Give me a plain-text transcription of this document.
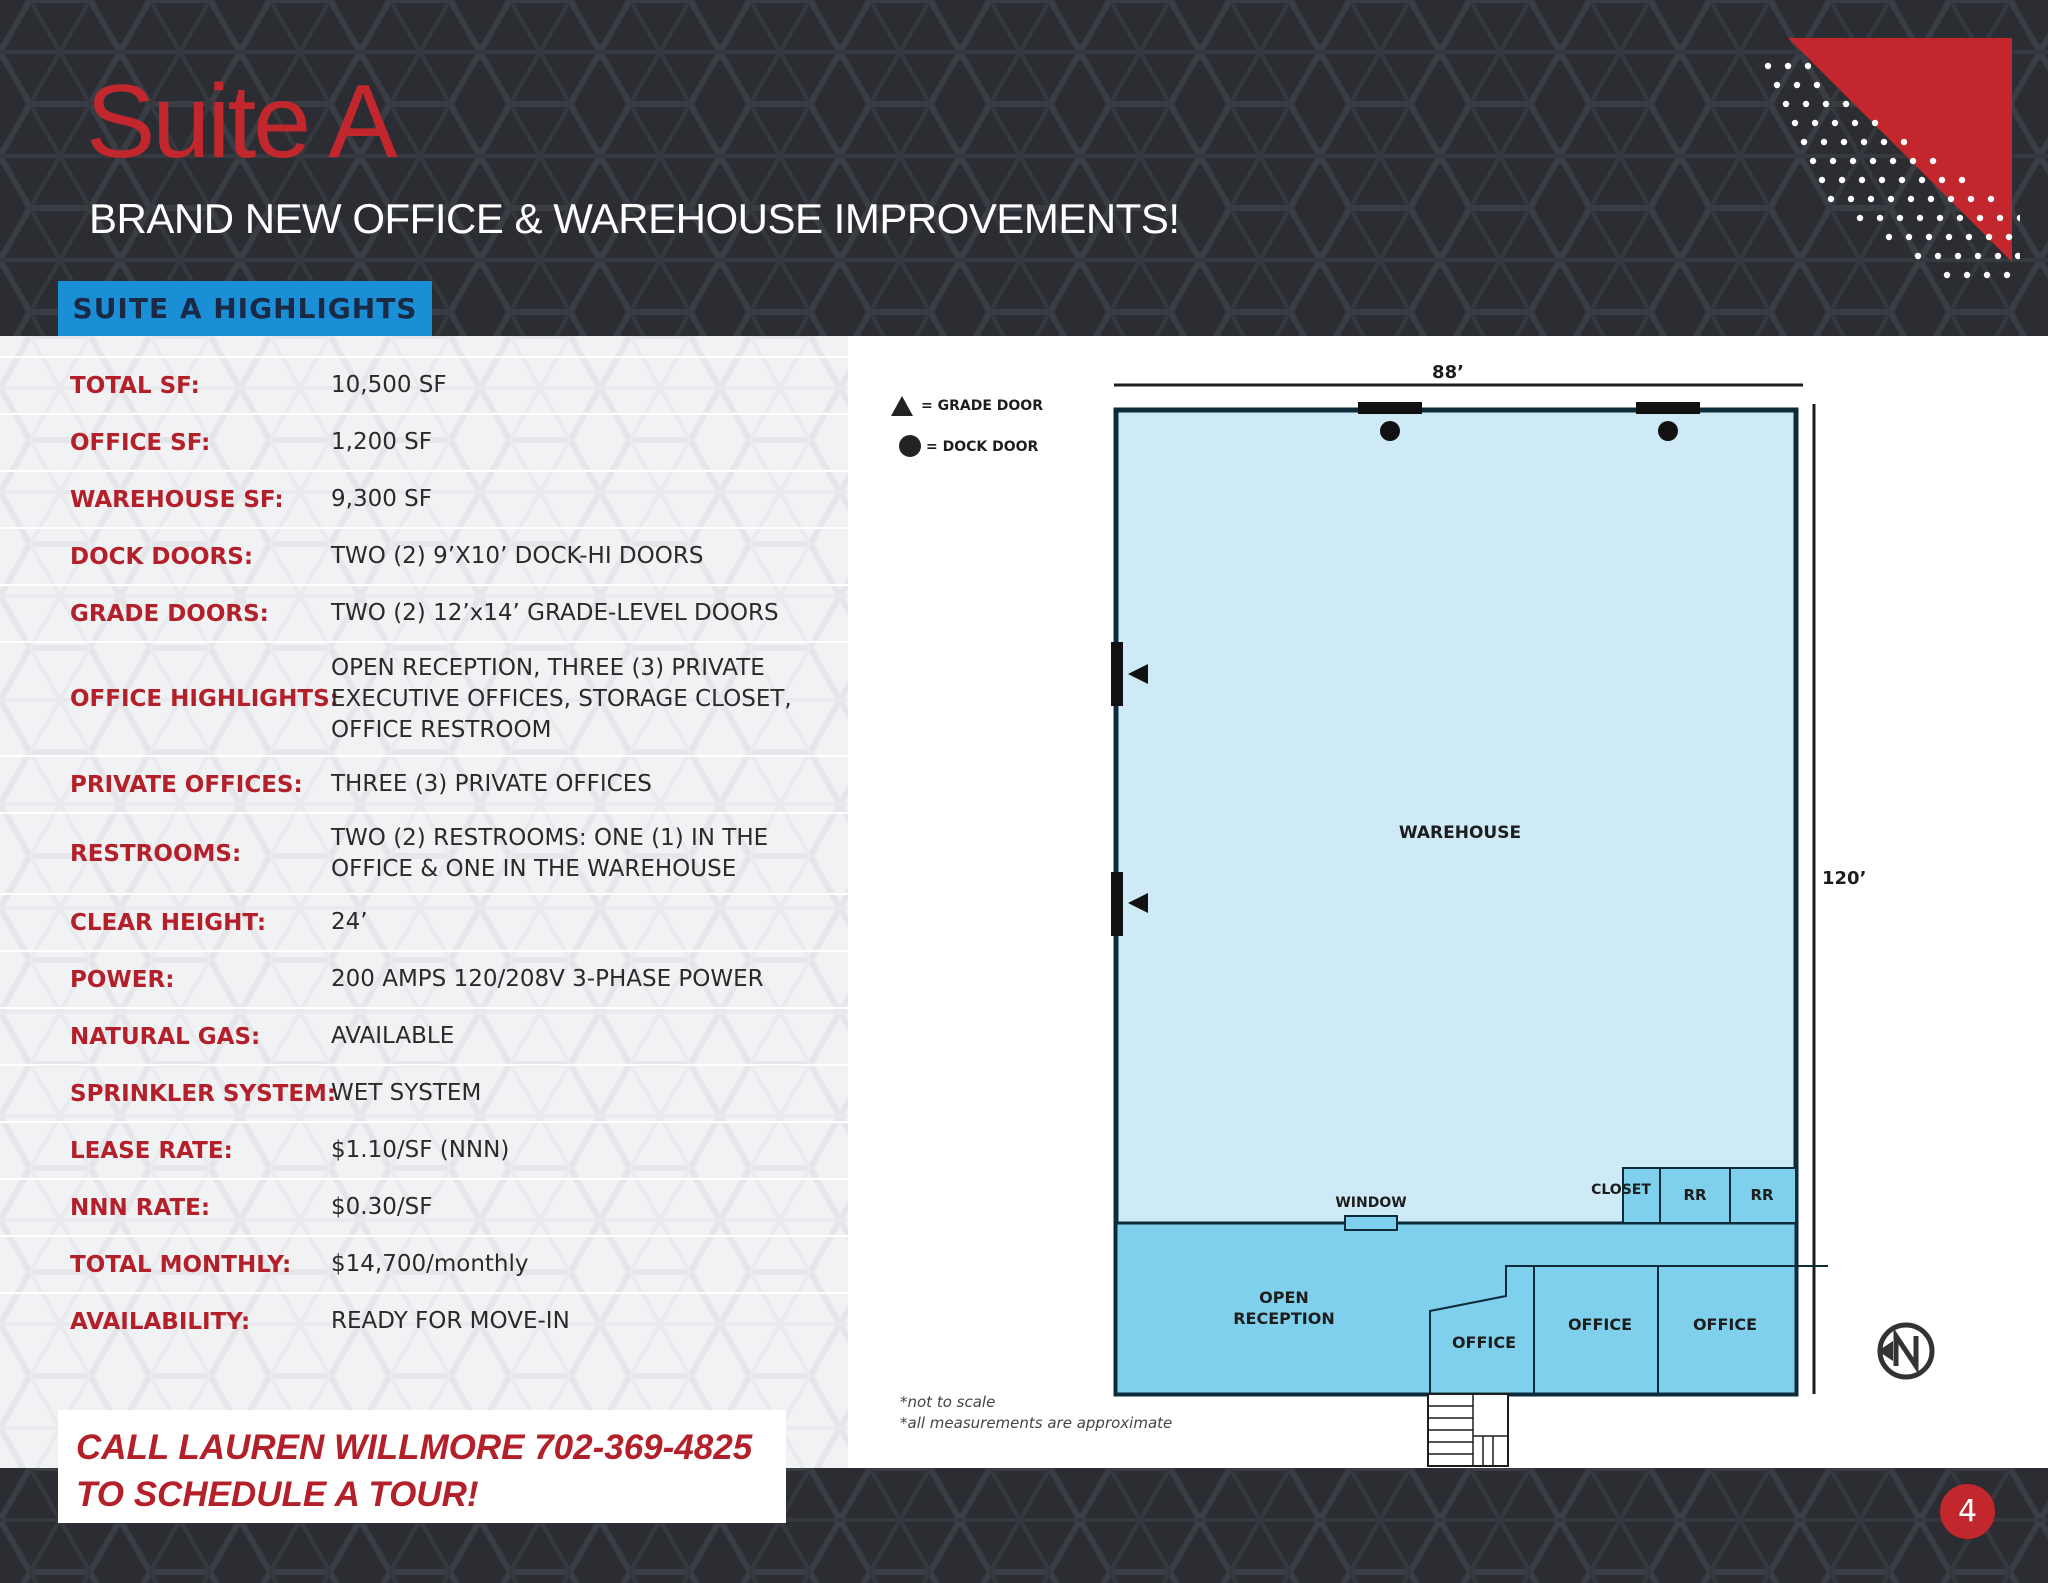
Suite A
BRAND NEW OFFICE & WAREHOUSE IMPROVEMENTS!
SUITE A HIGHLIGHTS
TOTAL SF:	10,500 SF
OFFICE SF:	1,200 SF
WAREHOUSE SF: 9,300 SF
DOCK DOORS:	TWO (2) 9’X10’ DOCK-HI DOORS
GRADE DOORS:	TWO (2) 12’x14’ GRADE-LEVEL DOORS
OFFICE HIGHLIGHTS:
OPEN RECEPTION, THREE (3) PRIVATE
EXECUTIVE OFFICES, STORAGE CLOSET,
OFFICE RESTROOM
PRIVATE OFFICES: THREE (3) PRIVATE OFFICES
RESTROOMS:
TWO (2) RESTROOMS: ONE (1) IN THE
OFFICE & ONE IN THE WAREHOUSE
CLEAR HEIGHT:	24’
POWER:	200 AMPS 120/208V 3-PHASE POWER
NATURAL GAS:	AVAILABLE
SPRINKLER SYSTEM:
WET SYSTEM
LEASE RATE:	$1.10/SF (NNN)
NNN RATE:	$0.30/SF
TOTAL MONTHLY: $14,700/monthly
AVAILABILITY:	READY FOR MOVE-IN
CALL LAUREN WILLMORE 702-369-4825
TO SCHEDULE A TOUR!
= GRADE DOOR
= DOCK DOOR
88’
120’
WAREHOUSE
WINDOW
CLOSET RR	RR
OPEN
RECEPTION
OFFICE
OFFICE	OFFICE
*not to scale
*all measurements are approximate
4
